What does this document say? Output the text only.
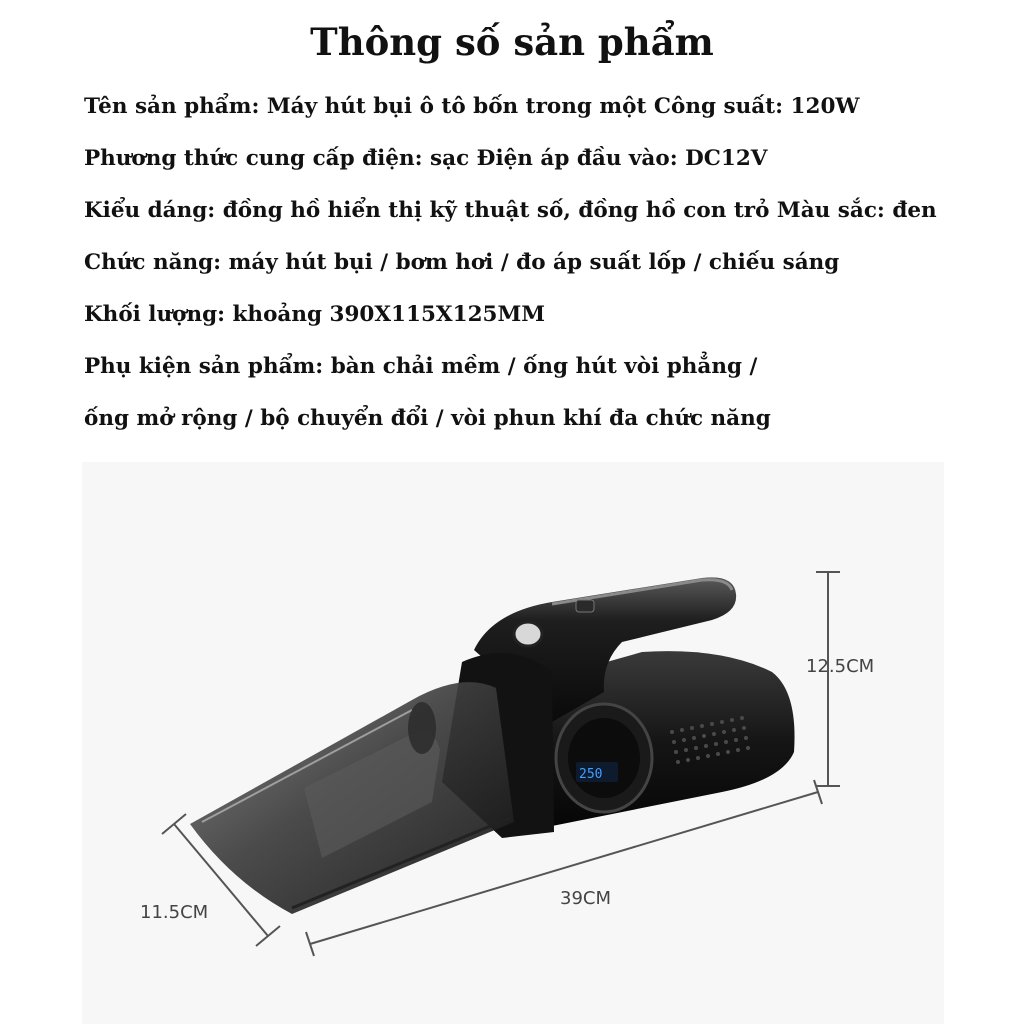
Thông số sản phẩm
Tên sản phẩm: Máy hút bụi ô tô bốn trong một Công suất: 120W
Phương thức cung cấp điện: sạc Điện áp đầu vào: DC12V
Kiểu dáng: đồng hồ hiển thị kỹ thuật số, đồng hồ con trỏ Màu sắc: đen
Chức năng: máy hút bụi / bơm hơi / đo áp suất lốp / chiếu sáng
Khối lượng: khoảng 390X115X125MM
Phụ kiện sản phẩm: bàn chải mềm / ống hút vòi phẳng /
ống mở rộng / bộ chuyển đổi / vòi phun khí đa chức năng
12.5CM
11.5CM
39CM
250
